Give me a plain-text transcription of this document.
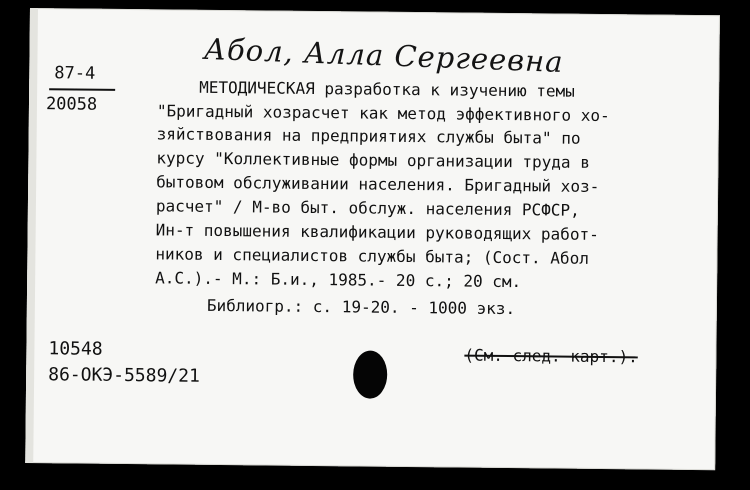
Абол, Алла Сергеевна
87-4
20058
МЕТОДИЧЕСКАЯ разработка к изучению темы
"Бригадный хозрасчет как метод эффективного хо-
зяйствования на предприятиях службы быта" по
курсу "Коллективные формы организации труда в
бытовом обслуживании населения. Бригадный хоз-
расчет" / М-во быт. обслуж. населения РСФСР,
Ин-т повышения квалификации руководящих работ-
ников и специалистов службы быта; (Сост. Абол
А.С.).- М.: Б.и., 1985.- 20 с.; 20 см.
Библиогр.: с. 19-20. - 1000 экз.
10548
86-ОКЭ-5589/21
(См. след. карт.).
